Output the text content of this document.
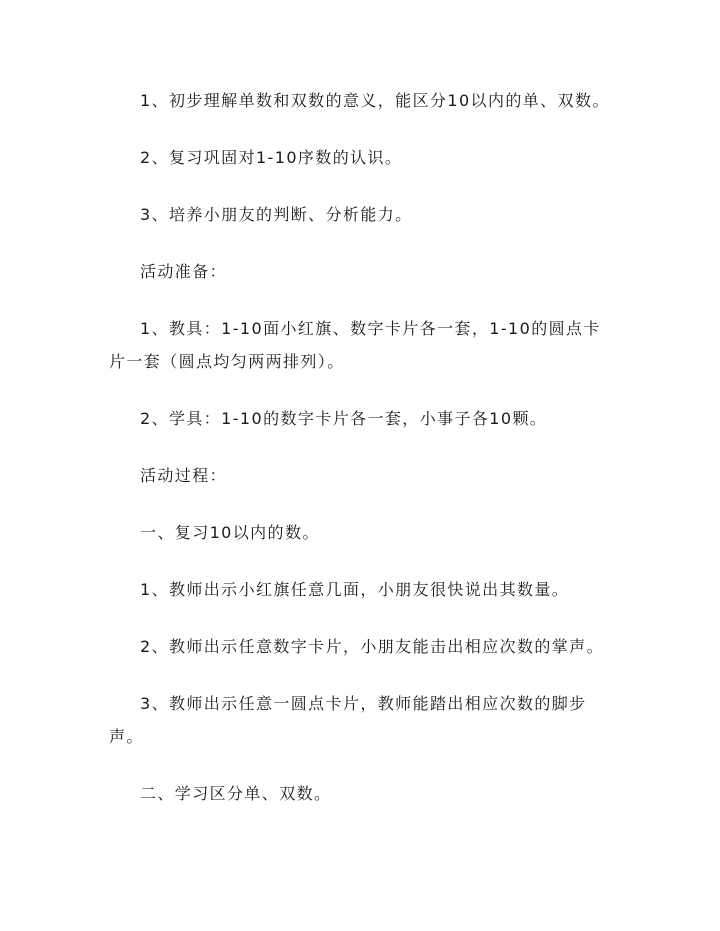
1、初步理解单数和双数的意义，能区分10以内的单、双数。

2、复习巩固对1-10序数的认识。

3、培养小朋友的判断、分析能力。

活动准备：

1、教具：1-10面小红旗、数字卡片各一套，1-10的圆点卡片一套（圆点均匀两两排列）。

2、学具：1-10的数字卡片各一套，小事子各10颗。

活动过程：

一、复习10以内的数。

1、教师出示小红旗任意几面，小朋友很快说出其数量。

2、教师出示任意数字卡片，小朋友能击出相应次数的掌声。

3、教师出示任意一圆点卡片，教师能踏出相应次数的脚步声。

二、学习区分单、双数。
